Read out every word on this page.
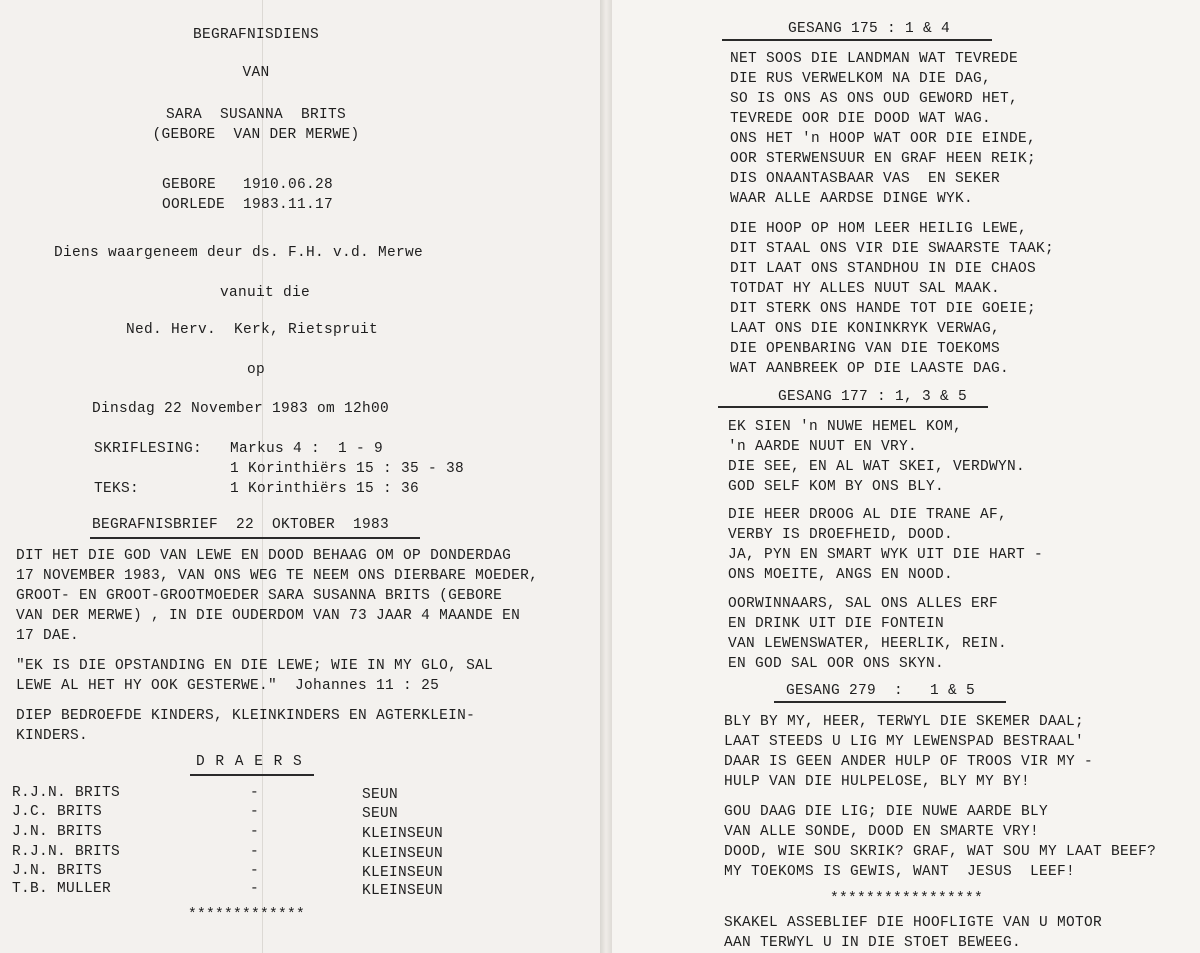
BEGRAFNISDIENS
VAN
SARA  SUSANNA  BRITS
(GEBORE  VAN DER MERWE)
GEBORE   1910.06.28
OORLEDE  1983.11.17
Diens waargeneem deur ds. F.H. v.d. Merwe
vanuit die
Ned. Herv.  Kerk, Rietspruit
op
Dinsdag 22 November 1983 om 12h00
SKRIFLESING: Markus 4 :  1 - 9
1 Korinthiërs 15 : 35 - 38
TEKS:	1 Korinthiërs 15 : 36
BEGRAFNISBRIEF  22  OKTOBER  1983
DIT HET DIE GOD VAN LEWE EN DOOD BEHAAG OM OP DONDERDAG
17 NOVEMBER 1983, VAN ONS WEG TE NEEM ONS DIERBARE MOEDER,
GROOT- EN GROOT-GROOTMOEDER SARA SUSANNA BRITS (GEBORE
VAN DER MERWE) , IN DIE OUDERDOM VAN 73 JAAR 4 MAANDE EN
17 DAE.
"EK IS DIE OPSTANDING EN DIE LEWE; WIE IN MY GLO, SAL
LEWE AL HET HY OOK GESTERWE."  Johannes 11 : 25
DIEP BEDROEFDE KINDERS, KLEINKINDERS EN AGTERKLEIN-
KINDERS.
D R A E R S
R.J.N. BRITS	-	SEUN
J.C. BRITS	-	SEUN
J.N. BRITS	-	KLEINSEUN
R.J.N. BRITS	-	KLEINSEUN
J.N. BRITS	-	KLEINSEUN
T.B. MULLER	-	KLEINSEUN
*************
GESANG 175 : 1 & 4
NET SOOS DIE LANDMAN WAT TEVREDE
DIE RUS VERWELKOM NA DIE DAG,
SO IS ONS AS ONS OUD GEWORD HET,
TEVREDE OOR DIE DOOD WAT WAG.
ONS HET 'n HOOP WAT OOR DIE EINDE,
OOR STERWENSUUR EN GRAF HEEN REIK;
DIS ONAANTASBAAR VAS  EN SEKER
WAAR ALLE AARDSE DINGE WYK.
DIE HOOP OP HOM LEER HEILIG LEWE,
DIT STAAL ONS VIR DIE SWAARSTE TAAK;
DIT LAAT ONS STANDHOU IN DIE CHAOS
TOTDAT HY ALLES NUUT SAL MAAK.
DIT STERK ONS HANDE TOT DIE GOEIE;
LAAT ONS DIE KONINKRYK VERWAG,
DIE OPENBARING VAN DIE TOEKOMS
WAT AANBREEK OP DIE LAASTE DAG.
GESANG 177 : 1, 3 & 5
EK SIEN 'n NUWE HEMEL KOM,
'n AARDE NUUT EN VRY.
DIE SEE, EN AL WAT SKEI, VERDWYN.
GOD SELF KOM BY ONS BLY.
DIE HEER DROOG AL DIE TRANE AF,
VERBY IS DROEFHEID, DOOD.
JA, PYN EN SMART WYK UIT DIE HART -
ONS MOEITE, ANGS EN NOOD.
OORWINNAARS, SAL ONS ALLES ERF
EN DRINK UIT DIE FONTEIN
VAN LEWENSWATER, HEERLIK, REIN.
EN GOD SAL OOR ONS SKYN.
GESANG 279  :   1 & 5
BLY BY MY, HEER, TERWYL DIE SKEMER DAAL;
LAAT STEEDS U LIG MY LEWENSPAD BESTRAAL'
DAAR IS GEEN ANDER HULP OF TROOS VIR MY -
HULP VAN DIE HULPELOSE, BLY MY BY!
GOU DAAG DIE LIG; DIE NUWE AARDE BLY
VAN ALLE SONDE, DOOD EN SMARTE VRY!
DOOD, WIE SOU SKRIK? GRAF, WAT SOU MY LAAT BEEF?
MY TOEKOMS IS GEWIS, WANT  JESUS  LEEF!
*****************
SKAKEL ASSEBLIEF DIE HOOFLIGTE VAN U MOTOR
AAN TERWYL U IN DIE STOET BEWEEG.
